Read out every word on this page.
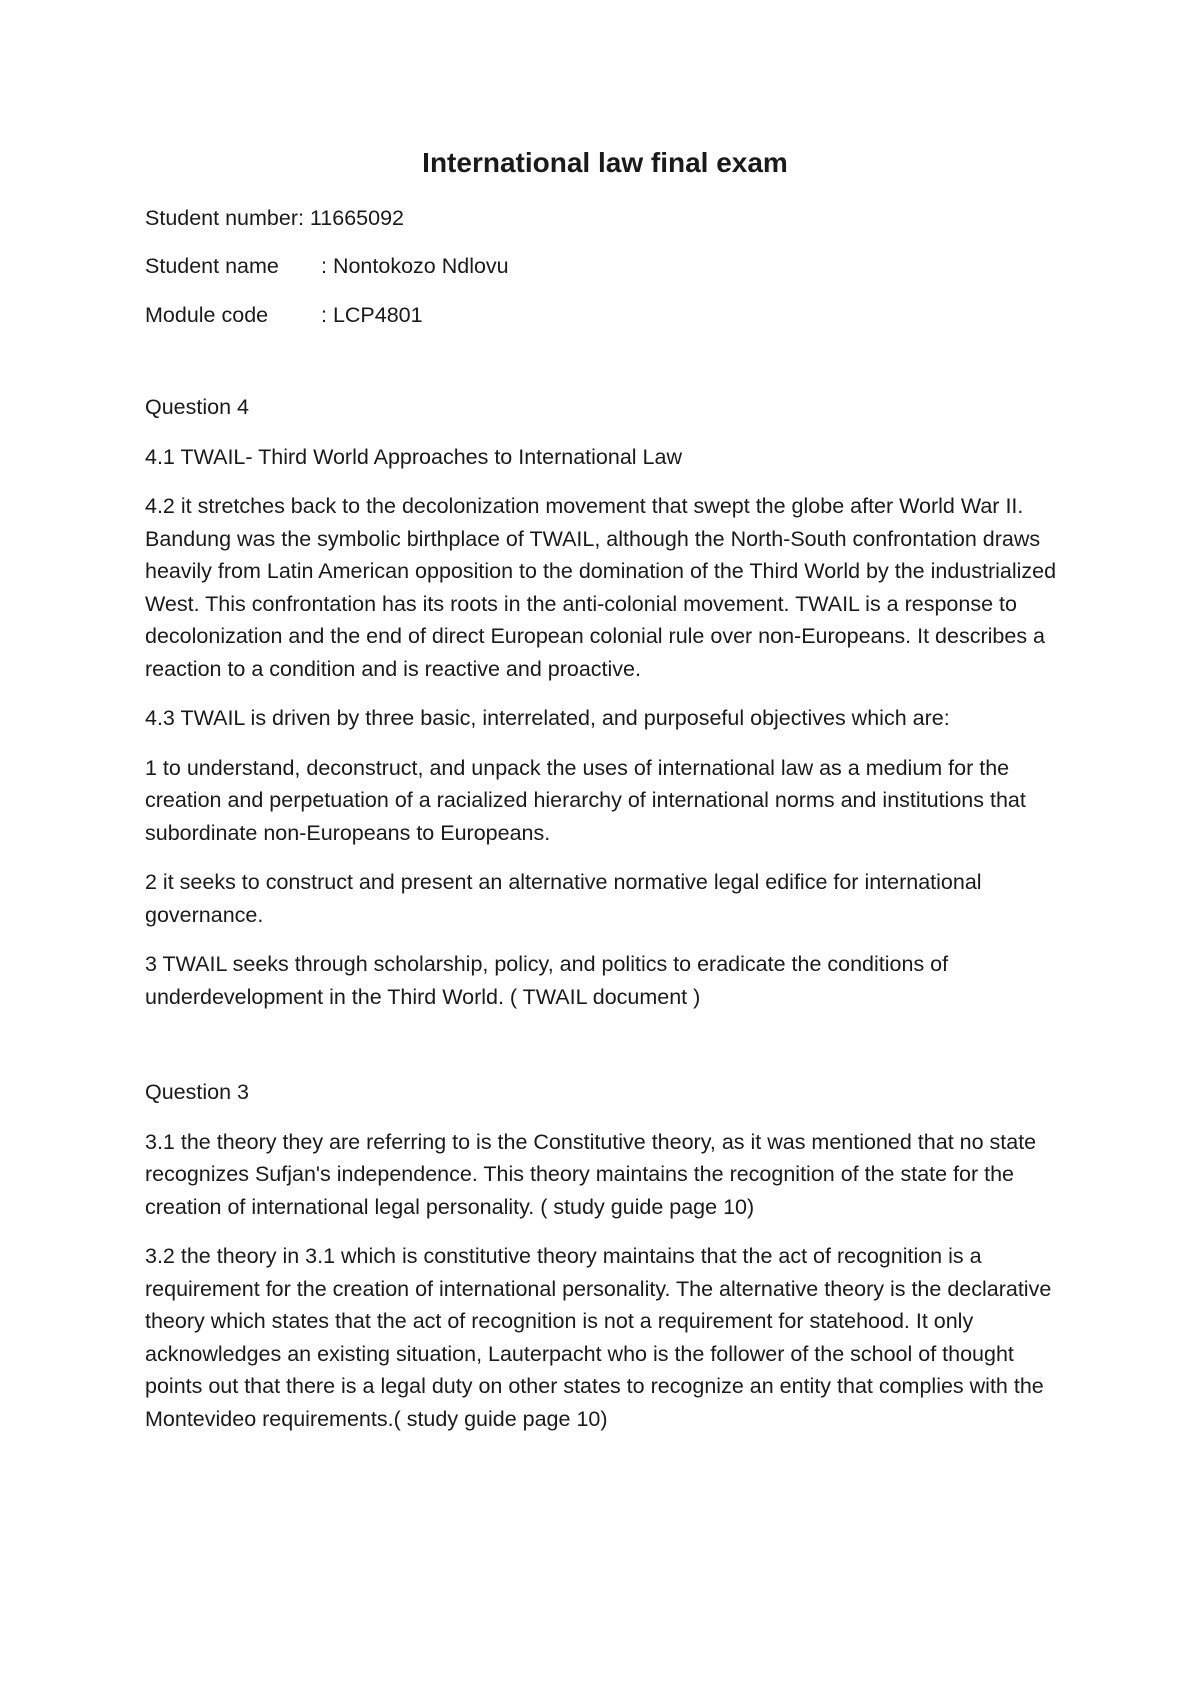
International law final exam
Student number: 11665092
Student name : Nontokozo Ndlovu
Module code : LCP4801

Question 4

4.1 TWAIL- Third World Approaches to International Law

4.2 it stretches back to the decolonization movement that swept the globe after World War II. Bandung was the symbolic birthplace of TWAIL, although the North-South confrontation draws heavily from Latin American opposition to the domination of the Third World by the industrialized West. This confrontation has its roots in the anti-colonial movement. TWAIL is a response to decolonization and the end of direct European colonial rule over non-Europeans. It describes a reaction to a condition and is reactive and proactive.

4.3 TWAIL is driven by three basic, interrelated, and purposeful objectives which are:

1 to understand, deconstruct, and unpack the uses of international law as a medium for the creation and perpetuation of a racialized hierarchy of international norms and institutions that subordinate non-Europeans to Europeans.

2 it seeks to construct and present an alternative normative legal edifice for international governance.

3 TWAIL seeks through scholarship, policy, and politics to eradicate the conditions of underdevelopment in the Third World. ( TWAIL document )

Question 3

3.1 the theory they are referring to is the Constitutive theory, as it was mentioned that no state recognizes Sufjan's independence. This theory maintains the recognition of the state for the creation of international legal personality. ( study guide page 10)

3.2 the theory in 3.1 which is constitutive theory maintains that the act of recognition is a requirement for the creation of international personality. The alternative theory is the declarative theory which states that the act of recognition is not a requirement for statehood. It only acknowledges an existing situation, Lauterpacht who is the follower of the school of thought points out that there is a legal duty on other states to recognize an entity that complies with the Montevideo requirements.( study guide page 10)
